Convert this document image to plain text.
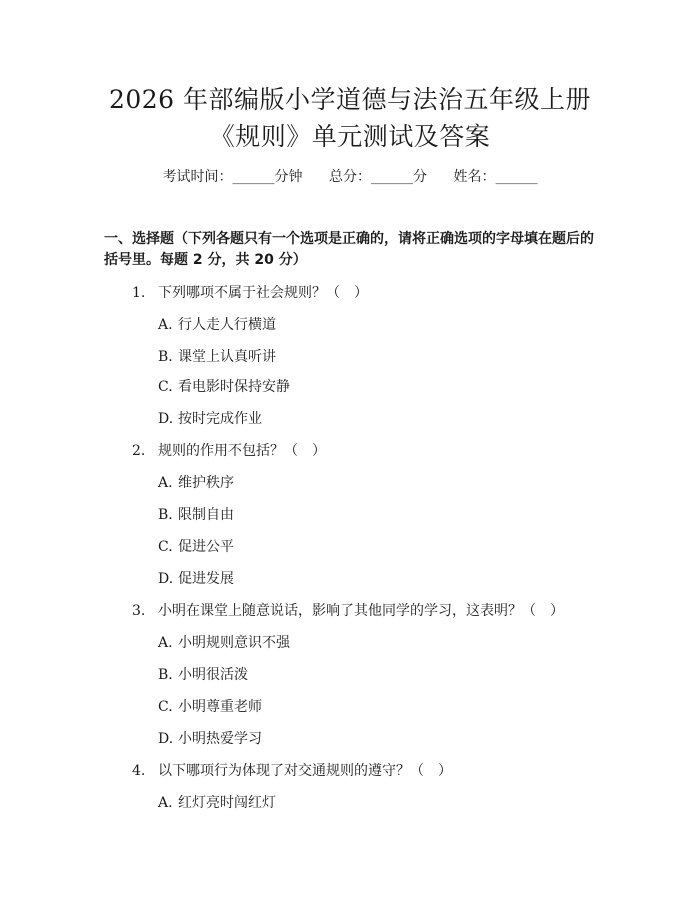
2026 年部编版小学道德与法治五年级上册
《规则》单元测试及答案
考试时间：______分钟 总分：______分 姓名：______
一、选择题（下列各题只有一个选项是正确的，请将正确选项的字母填在题后的
括号里。每题 2 分，共 20 分）
1. 下列哪项不属于社会规则？（　）
A. 行人走人行横道
B. 课堂上认真听讲
C. 看电影时保持安静
D. 按时完成作业
2. 规则的作用不包括？（　）
A. 维护秩序
B. 限制自由
C. 促进公平
D. 促进发展
3. 小明在课堂上随意说话，影响了其他同学的学习，这表明？（　）
A. 小明规则意识不强
B. 小明很活泼
C. 小明尊重老师
D. 小明热爱学习
4. 以下哪项行为体现了对交通规则的遵守？（　）
A. 红灯亮时闯红灯
